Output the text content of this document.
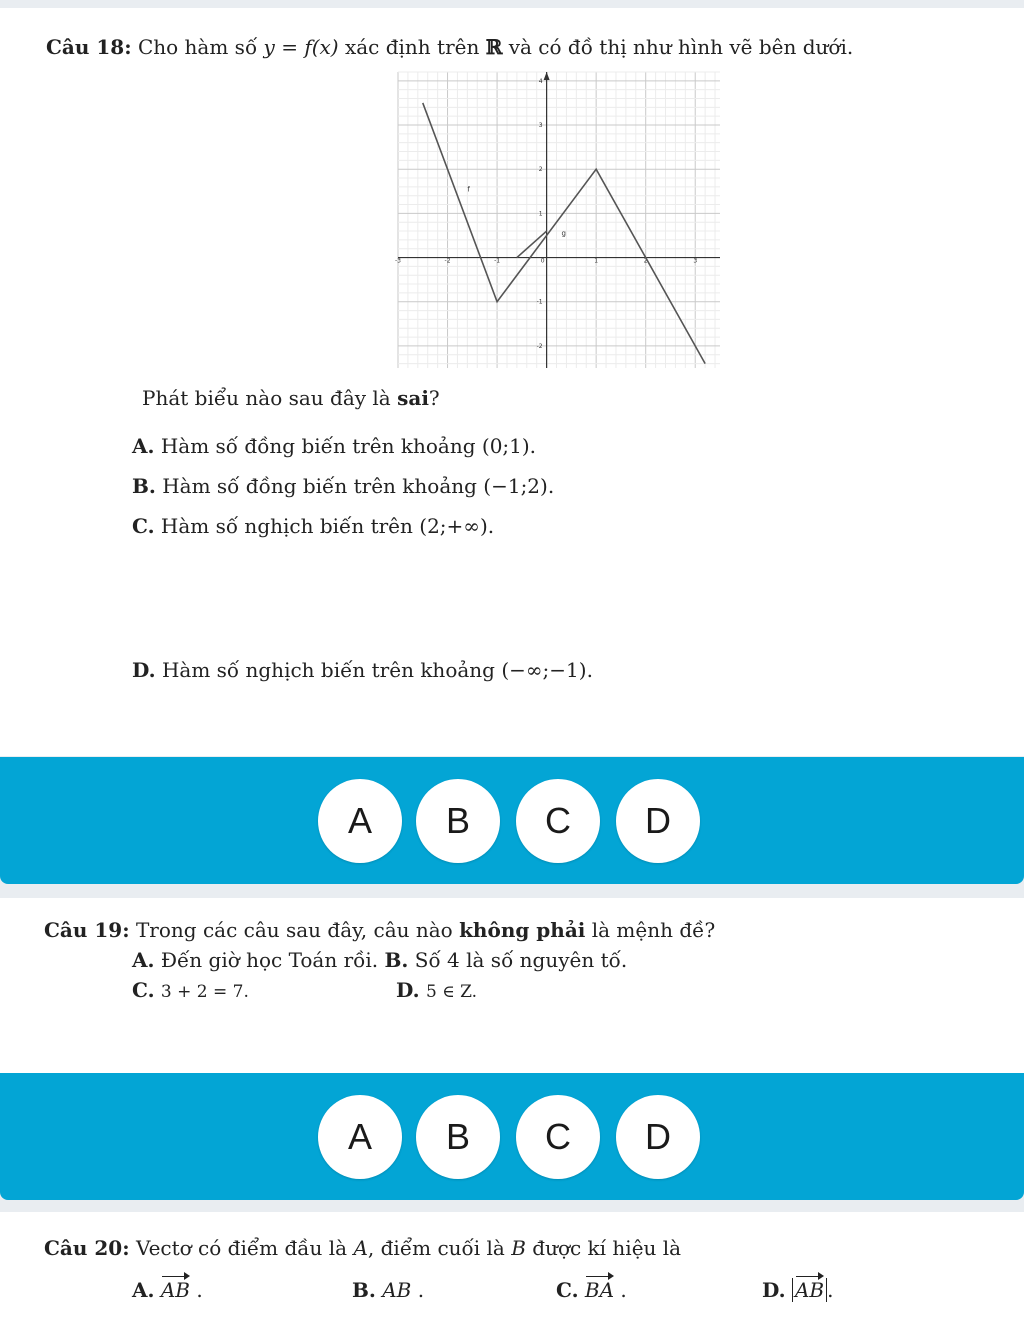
Câu 18: Cho hàm số y = f(x) xác định trên ℝ và có đồ thị như hình vẽ bên dưới.
-3	-2	-1	1	2	3
0
-2
-1
1
2
3
4
f
g
Phát biểu nào sau đây là sai?
A. Hàm số đồng biến trên khoảng (0;1).
B. Hàm số đồng biến trên khoảng (−1;2).
C. Hàm số nghịch biến trên (2;+∞).
D. Hàm số nghịch biến trên khoảng (−∞;−1).
A	B	C	D
Câu 19: Trong các câu sau đây, câu nào không phải là mệnh đề?
A. Đến giờ học Toán rồi. B. Số 4 là số nguyên tố.
C. 3 + 2 = 7.	D. 5 ∈ Z.
A	B	C	D
Câu 20: Vectơ có điểm đầu là A, điểm cuối là B được kí hiệu là
A. AB .	B. AB .	C. BA .	D. AB .
